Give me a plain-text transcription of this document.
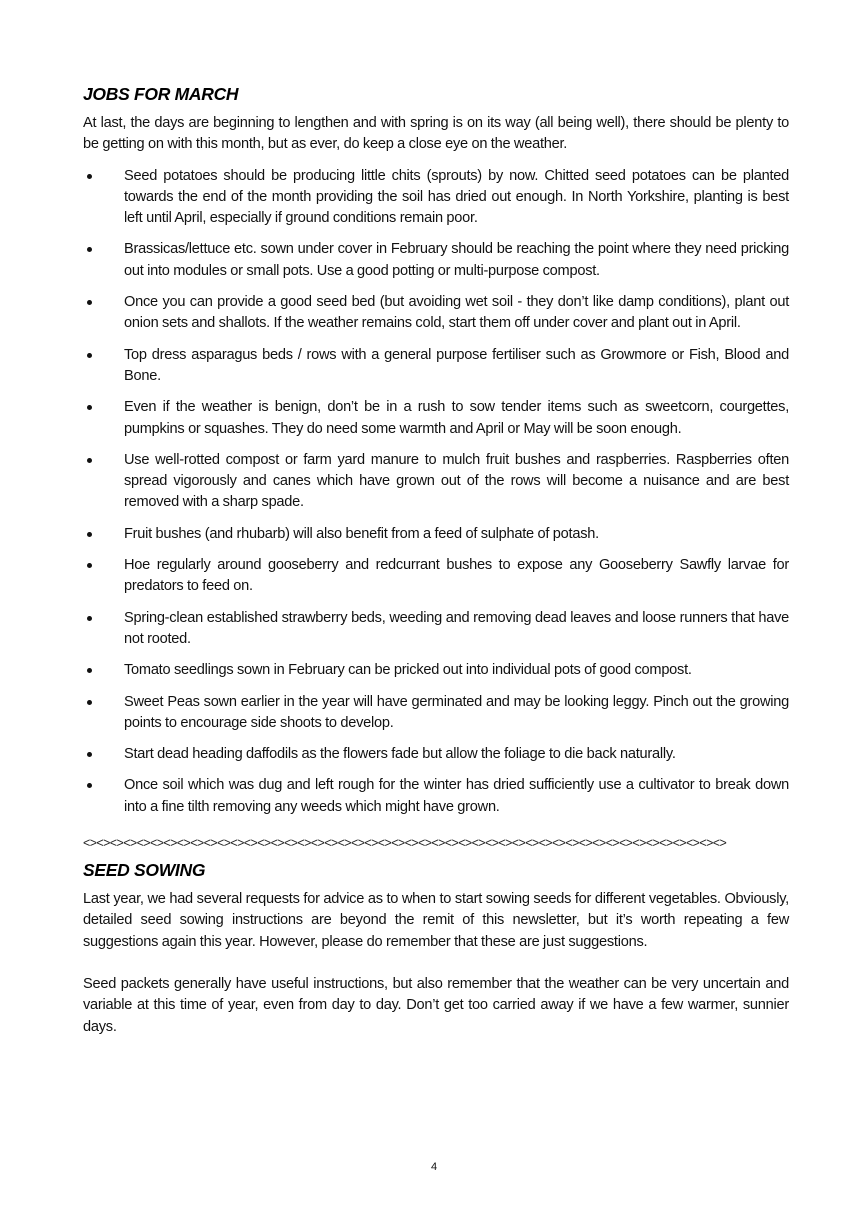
JOBS FOR MARCH

At last, the days are beginning to lengthen and with spring is on its way (all being well), there should be plenty to be getting on with this month, but as ever, do keep a close eye on the weather.

Seed potatoes should be producing little chits (sprouts) by now. Chitted seed potatoes can be planted towards the end of the month providing the soil has dried out enough. In North Yorkshire, planting is best left until April, especially if ground conditions remain poor.
Brassicas/lettuce etc. sown under cover in February should be reaching the point where they need pricking out into modules or small pots. Use a good potting or multi-purpose compost.
Once you can provide a good seed bed (but avoiding wet soil - they don’t like damp conditions), plant out onion sets and shallots. If the weather remains cold, start them off under cover and plant out in April.
Top dress asparagus beds / rows with a general purpose fertiliser such as Growmore or Fish, Blood and Bone.
Even if the weather is benign, don’t be in a rush to sow tender items such as sweetcorn, courgettes, pumpkins or squashes. They do need some warmth and April or May will be soon enough.
Use well-rotted compost or farm yard manure to mulch fruit bushes and raspberries. Raspberries often spread vigorously and canes which have grown out of the rows will become a nuisance and are best removed with a sharp spade.
Fruit bushes (and rhubarb) will also benefit from a feed of sulphate of potash.
Hoe regularly around gooseberry and redcurrant bushes to expose any Gooseberry Sawfly larvae for predators to feed on.
Spring-clean established strawberry beds, weeding and removing dead leaves and loose runners that have not rooted.
Tomato seedlings sown in February can be pricked out into individual pots of good compost.
Sweet Peas sown earlier in the year will have germinated and may be looking leggy. Pinch out the growing points to encourage side shoots to develop.
Start dead heading daffodils as the flowers fade but allow the foliage to die back naturally.
Once soil which was dug and left rough for the winter has dried sufficiently use a cultivator to break down into a fine tilth removing any weeds which might have grown.
<><><><><><><><><><><><><><><><><><><><><><><><><><><><><><><><><><><><><><><><><><><><><><><><>
SEED SOWING

Last year, we had several requests for advice as to when to start sowing seeds for different vegetables. Obviously, detailed seed sowing instructions are beyond the remit of this newsletter, but it’s worth repeating a few suggestions again this year. However, please do remember that these are just suggestions.

Seed packets generally have useful instructions, but also remember that the weather can be very uncertain and variable at this time of year, even from day to day. Don’t get too carried away if we have a few warmer, sunnier days.

4
